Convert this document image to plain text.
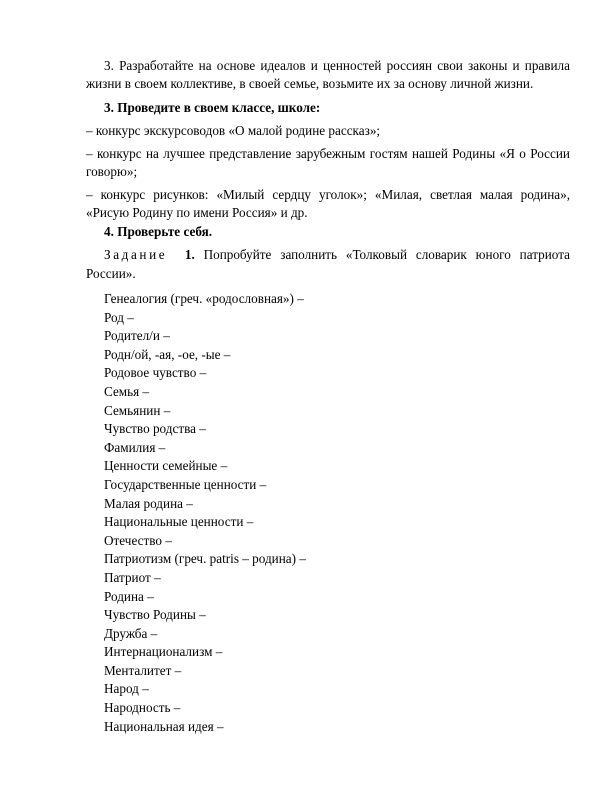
3. Разработайте на основе идеалов и ценностей россиян свои законы и правила

жизни в своем коллективе, в своей семье, возьмите их за основу личной жизни.

3. Проведите в своем классе, школе:

– конкурс экскурсоводов «О малой родине рассказ»;

– конкурс на лучшее представление зарубежным гостям нашей Родины «Я о России говорю»;

– конкурс рисунков: «Милый сердцу уголок»; «Милая, светлая малая родина», «Рисую Родину по имени Россия» и др.

4. Проверьте себя.

Задание 1. Попробуйте заполнить «Толковый словарик юного патриота России».

Генеалогия (греч. «родословная») –

Род –

Родител/и –

Родн/ой, -ая, -ое, -ые –

Родовое чувство –

Семья –

Семьянин –

Чувство родства –

Фамилия –

Ценности семейные –

Государственные ценности –

Малая родина –

Национальные ценности –

Отечество –

Патриотизм (греч. patris – родина) –

Патриот –

Родина –

Чувство Родины –

Дружба –

Интернационализм –

Менталитет –

Народ –

Народность –

Национальная идея –
